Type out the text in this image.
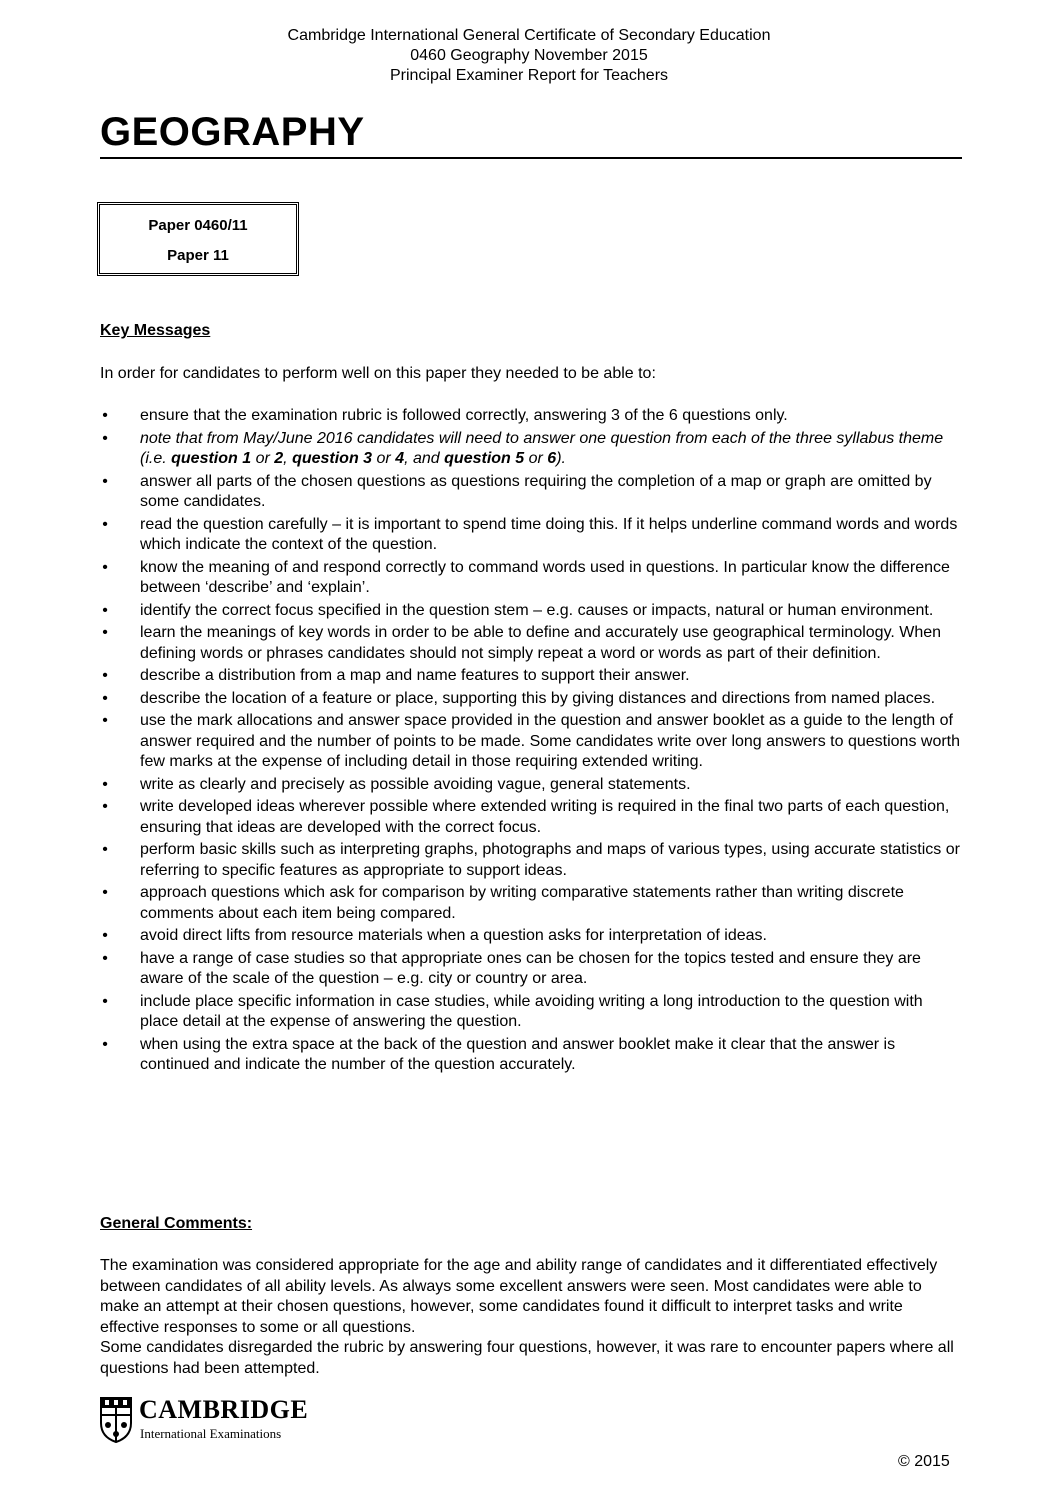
Cambridge International General Certificate of Secondary Education
0460 Geography November 2015
Principal Examiner Report for Teachers
GEOGRAPHY
Paper 0460/11
Paper 11
Key Messages
In order for candidates to perform well on this paper they needed to be able to:
• ensure that the examination rubric is followed correctly, answering 3 of the 6 questions only.
• note that from May/June 2016 candidates will need to answer one question from each of the three syllabus theme (i.e. question 1 or 2, question 3 or 4, and question 5 or 6).
• answer all parts of the chosen questions as questions requiring the completion of a map or graph are omitted by some candidates.
• read the question carefully – it is important to spend time doing this. If it helps underline command words and words which indicate the context of the question.
• know the meaning of and respond correctly to command words used in questions. In particular know the difference between ‘describe’ and ‘explain’.
• identify the correct focus specified in the question stem – e.g. causes or impacts, natural or human environment.
• learn the meanings of key words in order to be able to define and accurately use geographical terminology. When defining words or phrases candidates should not simply repeat a word or words as part of their definition.
• describe a distribution from a map and name features to support their answer.
• describe the location of a feature or place, supporting this by giving distances and directions from named places.
• use the mark allocations and answer space provided in the question and answer booklet as a guide to the length of answer required and the number of points to be made. Some candidates write over long answers to questions worth few marks at the expense of including detail in those requiring extended writing.
• write as clearly and precisely as possible avoiding vague, general statements.
• write developed ideas wherever possible where extended writing is required in the final two parts of each question, ensuring that ideas are developed with the correct focus.
• perform basic skills such as interpreting graphs, photographs and maps of various types, using accurate statistics or referring to specific features as appropriate to support ideas.
• approach questions which ask for comparison by writing comparative statements rather than writing discrete comments about each item being compared.
• avoid direct lifts from resource materials when a question asks for interpretation of ideas.
• have a range of case studies so that appropriate ones can be chosen for the topics tested and ensure they are aware of the scale of the question – e.g. city or country or area.
• include place specific information in case studies, while avoiding writing a long introduction to the question with place detail at the expense of answering the question.
• when using the extra space at the back of the question and answer booklet make it clear that the answer is continued and indicate the number of the question accurately.
General Comments:
The examination was considered appropriate for the age and ability range of candidates and it differentiated effectively between candidates of all ability levels. As always some excellent answers were seen. Most candidates were able to make an attempt at their chosen questions, however, some candidates found it difficult to interpret tasks and write effective responses to some or all questions.
Some candidates disregarded the rubric by answering four questions, however, it was rare to encounter papers where all questions had been attempted.
CAMBRIDGE
International Examinations
© 2015
